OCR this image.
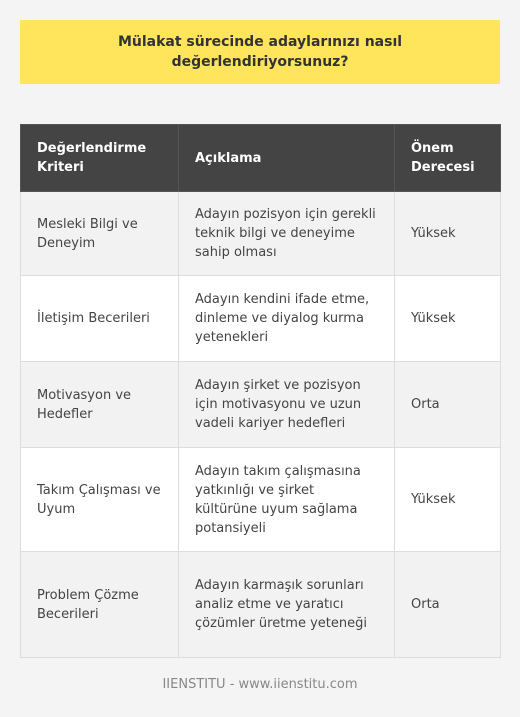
Mülakat sürecinde adaylarınızı nasıl değerlendiriyorsunuz?
Değerlendirme Kriteri	Açıklama	Önem Derecesi
Mesleki Bilgi ve Deneyim	Adayın pozisyon için gerekli teknik bilgi ve deneyime sahip olması	Yüksek
İletişim Becerileri	Adayın kendini ifade etme, dinleme ve diyalog kurma yetenekleri	Yüksek
Motivasyon ve Hedefler	Adayın şirket ve pozisyon için motivasyonu ve uzun vadeli kariyer hedefleri	Orta
Takım Çalışması ve Uyum	Adayın takım çalışmasına yatkınlığı ve şirket kültürüne uyum sağlama potansiyeli	Yüksek
Problem Çözme Becerileri	Adayın karmaşık sorunları analiz etme ve yaratıcı çözümler üretme yeteneği	Orta
IIENSTITU - www.iienstitu.com
